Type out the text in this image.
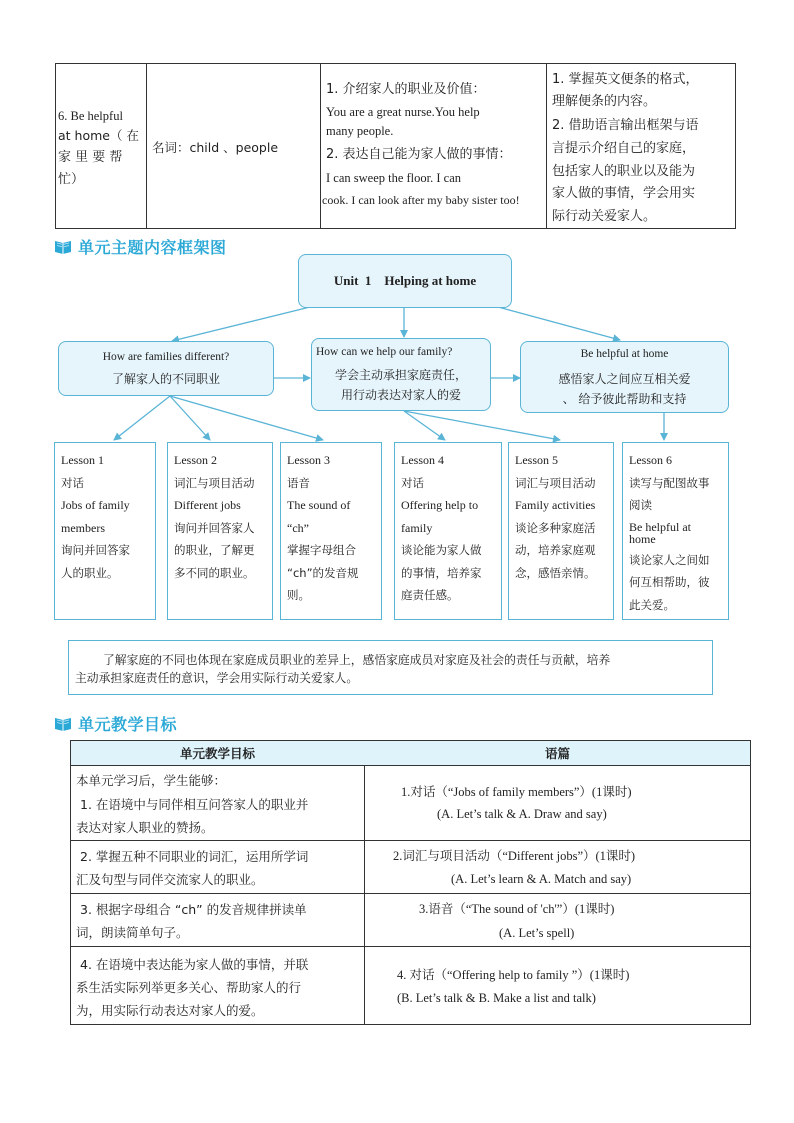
6. Be helpful
at home（ 在
家 里 要 帮
忙）
名词：child 、people
1. 介绍家人的职业及价值：
You are a great nurse.You help
many people.
2. 表达自己能为家人做的事情：
I can sweep the floor. I can
cook. I can look after my baby sister too!
1. 掌握英文便条的格式，
理解便条的内容。
2. 借助语言输出框架与语
言提示介绍自己的家庭，
包括家人的职业以及能为
家人做的事情，学会用实
际行动关爱家人。
单元主题内容框架图
Unit  1    Helping at home
How are families different?
了解家人的不同职业
How can we help our family?
学会主动承担家庭责任，
用行动表达对家人的爱
Be helpful at home
感悟家人之间应互相关爱
、 给予彼此帮助和支持
Lesson 1
对话
Jobs of family
members
询问并回答家
人的职业。
Lesson 2
词汇与项目活动
Different jobs
询问并回答家人
的职业，了解更
多不同的职业。
Lesson 3
语音
The sound of
“ch”
掌握字母组合
“ch”的发音规
则。
Lesson 4
对话
Offering help to
family
谈论能为家人做
的事情，培养家
庭责任感。
Lesson 5
词汇与项目活动
Family activities
谈论多种家庭活
动，培养家庭观
念，感悟亲情。
Lesson 6
读写与配图故事
阅读
Be helpful at
home
谈论家人之间如
何互相帮助，彼
此关爱。
了解家庭的不同也体现在家庭成员职业的差异上，感悟家庭成员对家庭及社会的责任与贡献，培养
主动承担家庭责任的意识，学会用实际行动关爱家人。
单元教学目标
单元教学目标	语篇
本单元学习后，学生能够：
1. 在语境中与同伴相互问答家人的职业并
表达对家人职业的赞扬。
1.对话（“Jobs of family members”）(1课时)
(A. Let’s talk & A. Draw and say)
2. 掌握五种不同职业的词汇，运用所学词
汇及句型与同伴交流家人的职业。
2.词汇与项目活动（“Different jobs”）(1课时)
(A. Let’s learn & A. Match and say)
3. 根据字母组合 “ch” 的发音规律拼读单
词，朗读简单句子。
3.语音（“The sound of 'ch'”）(1课时)
(A. Let’s spell)
4. 在语境中表达能为家人做的事情，并联
系生活实际列举更多关心、帮助家人的行
为，用实际行动表达对家人的爱。
4. 对话（“Offering help to family ”）(1课时)
(B. Let’s talk & B. Make a list and talk)
